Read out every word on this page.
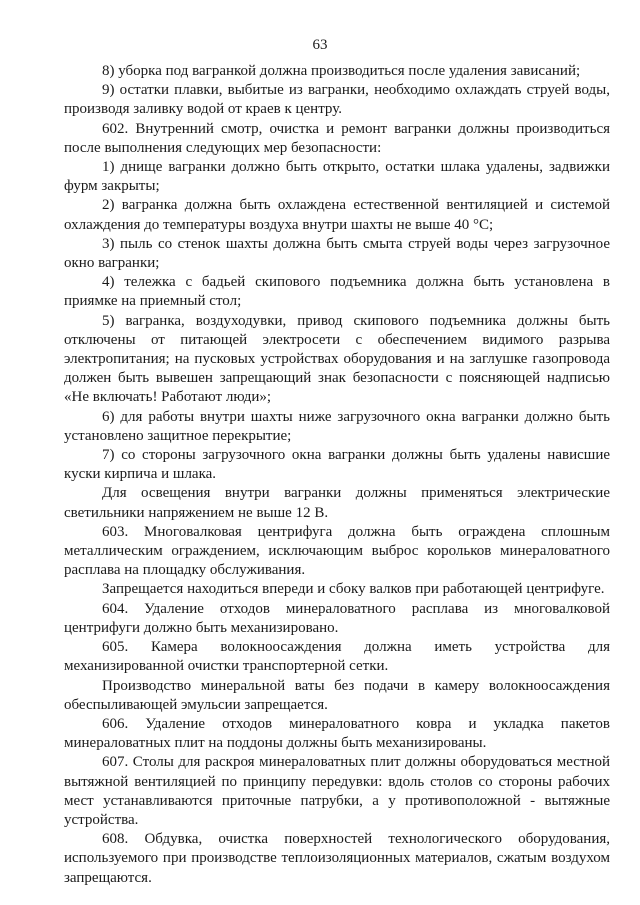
63

8) уборка под вагранкой должна производиться после удаления зависаний;

9) остатки плавки, выбитые из вагранки, необходимо охлаждать струей воды, производя заливку водой от краев к центру.

602. Внутренний смотр, очистка и ремонт вагранки должны производиться после выполнения следующих мер безопасности:

1) днище вагранки должно быть открыто, остатки шлака удалены, задвижки фурм закрыты;

2) вагранка должна быть охлаждена естественной вентиляцией и системой охлаждения до температуры воздуха внутри шахты не выше 40 °С;

3) пыль со стенок шахты должна быть смыта струей воды через загрузочное окно вагранки;

4) тележка с бадьей скипового подъемника должна быть установлена в приямке на приемный стол;

5) вагранка, воздуходувки, привод скипового подъемника должны быть отключены от питающей электросети с обеспечением видимого разрыва электропитания; на пусковых устройствах оборудования и на заглушке газопровода должен быть вывешен запрещающий знак безопасности с поясняющей надписью «Не включать! Работают люди»;

6) для работы внутри шахты ниже загрузочного окна вагранки должно быть установлено защитное перекрытие;

7) со стороны загрузочного окна вагранки должны быть удалены нависшие куски кирпича и шлака.

Для освещения внутри вагранки должны применяться электрические светильники напряжением не выше 12 В.

603. Многовалковая центрифуга должна быть ограждена сплошным металлическим ограждением, исключающим выброс корольков минераловатного расплава на площадку обслуживания.

Запрещается находиться впереди и сбоку валков при работающей центрифуге.

604. Удаление отходов минераловатного расплава из многовалковой центрифуги должно быть механизировано.

605. Камера волокноосаждения должна иметь устройства для механизированной очистки транспортерной сетки.

Производство минеральной ваты без подачи в камеру волокноосаждения обеспыливающей эмульсии запрещается.

606. Удаление отходов минераловатного ковра и укладка пакетов минераловатных плит на поддоны должны быть механизированы.

607. Столы для раскроя минераловатных плит должны оборудоваться местной вытяжной вентиляцией по принципу передувки: вдоль столов со стороны рабочих мест устанавливаются приточные патрубки, а у противоположной - вытяжные устройства.

608. Обдувка, очистка поверхностей технологического оборудования, используемого при производстве теплоизоляционных материалов, сжатым воздухом запрещаются.
